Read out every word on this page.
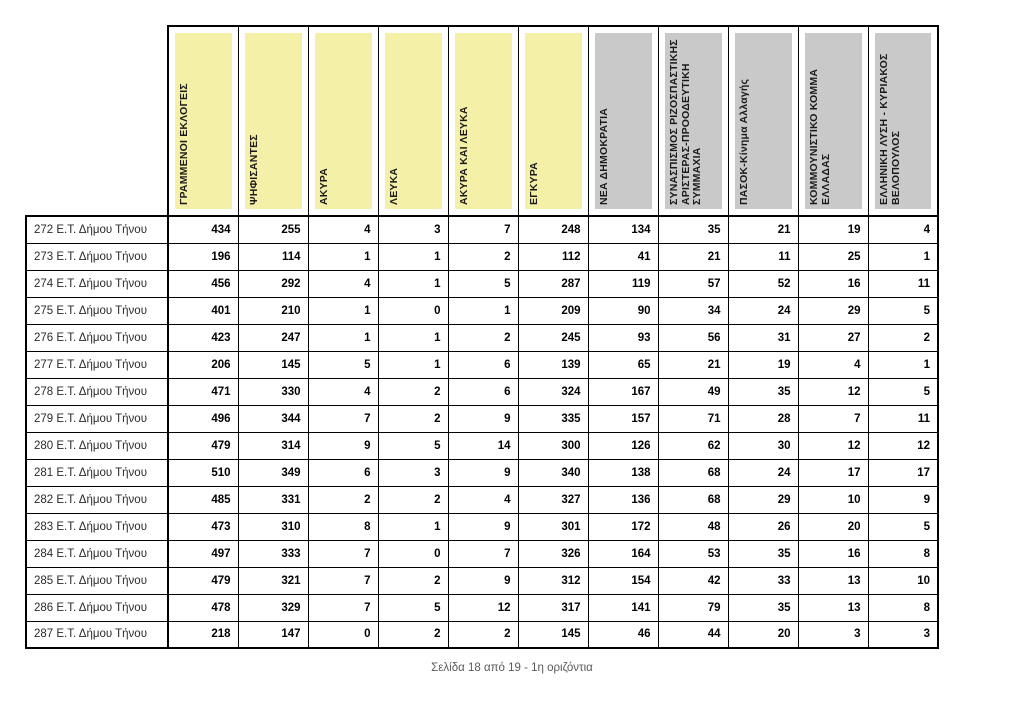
	ΓΡΑΜΜΕΝΟΙ ΕΚΛΟΓΕΙΣ	ΨΗΦΙΣΑΝΤΕΣ	ΑΚΥΡΑ	ΛΕΥΚΑ	ΑΚΥΡΑ ΚΑΙ ΛΕΥΚΑ	ΕΓΚΥΡΑ	ΝΕΑ ΔΗΜΟΚΡΑΤΙΑ	ΣΥΝΑΣΠΙΣΜΟΣ ΡΙΖΟΣΠΑΣΤΙΚΗΣ ΑΡΙΣΤΕΡΑΣ-ΠΡΟΟΔΕΥΤΙΚΗ ΣΥΜΜΑΧΙΑ	ΠΑΣΟΚ-Κίνημα Αλλαγής	ΚΟΜΜΟΥΝΙΣΤΙΚΟ ΚΟΜΜΑ ΕΛΛΑΔΑΣ	ΕΛΛΗΝΙΚΗ ΛΥΣΗ - ΚΥΡΙΑΚΟΣ ΒΕΛΟΠΟΥΛΟΣ

272 Ε.Τ. Δήμου Τήνου	434	255	4	3	7	248	134	35	21	19	4
273 Ε.Τ. Δήμου Τήνου	196	114	1	1	2	112	41	21	11	25	1
274 Ε.Τ. Δήμου Τήνου	456	292	4	1	5	287	119	57	52	16	11
275 Ε.Τ. Δήμου Τήνου	401	210	1	0	1	209	90	34	24	29	5
276 Ε.Τ. Δήμου Τήνου	423	247	1	1	2	245	93	56	31	27	2
277 Ε.Τ. Δήμου Τήνου	206	145	5	1	6	139	65	21	19	4	1
278 Ε.Τ. Δήμου Τήνου	471	330	4	2	6	324	167	49	35	12	5
279 Ε.Τ. Δήμου Τήνου	496	344	7	2	9	335	157	71	28	7	11
280 Ε.Τ. Δήμου Τήνου	479	314	9	5	14	300	126	62	30	12	12
281 Ε.Τ. Δήμου Τήνου	510	349	6	3	9	340	138	68	24	17	17
282 Ε.Τ. Δήμου Τήνου	485	331	2	2	4	327	136	68	29	10	9
283 Ε.Τ. Δήμου Τήνου	473	310	8	1	9	301	172	48	26	20	5
284 Ε.Τ. Δήμου Τήνου	497	333	7	0	7	326	164	53	35	16	8
285 Ε.Τ. Δήμου Τήνου	479	321	7	2	9	312	154	42	33	13	10
286 Ε.Τ. Δήμου Τήνου	478	329	7	5	12	317	141	79	35	13	8
287 Ε.Τ. Δήμου Τήνου	218	147	0	2	2	145	46	44	20	3	3
Σελίδα 18 από 19 - 1η οριζόντια
